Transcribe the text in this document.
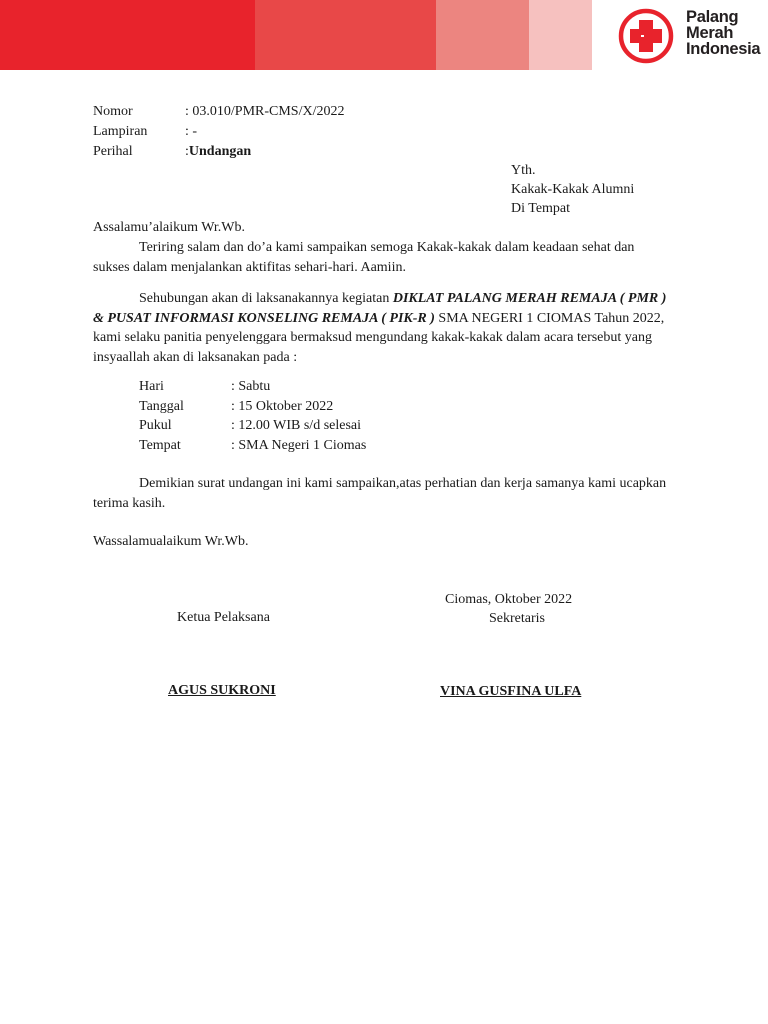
Palang
Merah
Indonesia
Nomor	: 03.010/PMR-CMS/X/2022
Lampiran	: -
Perihal	:Undangan
Yth.
Kakak-Kakak Alumni
Di Tempat
Assalamu’alaikum Wr.Wb.
Teriring salam dan do’a kami sampaikan semoga Kakak-kakak dalam keadaan sehat dan sukses dalam menjalankan aktifitas sehari-hari. Aamiin.
Sehubungan akan di laksanakannya kegiatan DIKLAT PALANG MERAH REMAJA ( PMR ) & PUSAT INFORMASI KONSELING REMAJA ( PIK-R ) SMA NEGERI 1 CIOMAS Tahun 2022, kami selaku panitia penyelenggara bermaksud mengundang kakak-kakak dalam acara tersebut yang insyaallah akan di laksanakan pada :
Hari	: Sabtu
Tanggal	: 15 Oktober 2022
Pukul	: 12.00 WIB s/d selesai
Tempat	: SMA Negeri 1 Ciomas
Demikian surat undangan ini kami sampaikan,atas perhatian dan kerja samanya kami ucapkan terima kasih.
Wassalamualaikum Wr.Wb.
Ciomas, Oktober 2022
Ketua Pelaksana	Sekretaris
AGUS SUKRONI	VINA GUSFINA ULFA
